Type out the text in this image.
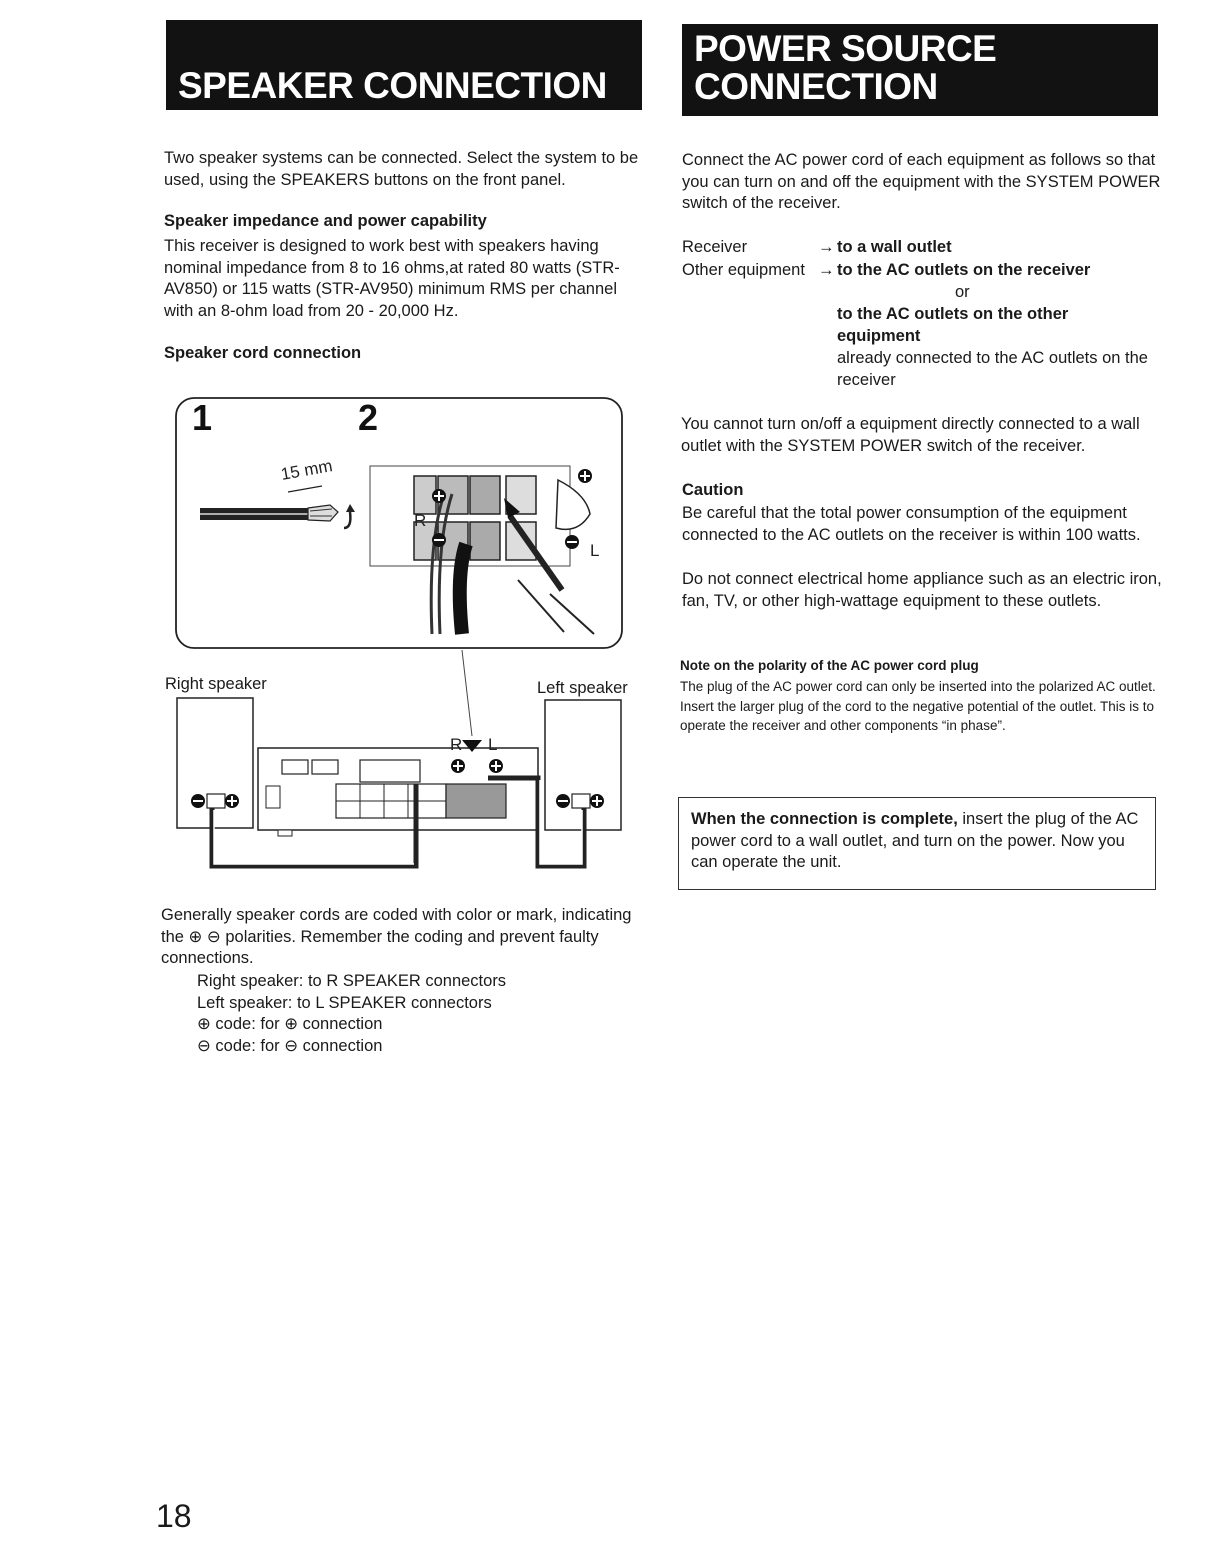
SPEAKER CONNECTION
Two speaker systems can be connected. Select the system to be used, using the SPEAKERS buttons on the front panel.
Speaker impedance and power capability
This receiver is designed to work best with speakers having nominal impedance from 8 to 16 ohms,at rated 80 watts (STR-AV850) or 115 watts (STR-AV950) minimum RMS per channel with an 8-ohm load from 20 - 20,000 Hz.
Speaker cord connection
1	2
15 mm
R
L
Right speaker	Left speaker
R L
Generally speaker cords are coded with color or mark, indicating the ⊕ ⊖ polarities. Remember the coding and prevent faulty connections.
Right speaker: to R SPEAKER connectors
Left speaker: to L SPEAKER connectors
⊕ code: for ⊕ connection
⊖ code: for ⊖ connection
POWER SOURCE
CONNECTION
Connect the AC power cord of each equipment as follows so that you can turn on and off the equipment with the SYSTEM POWER switch of the receiver.
Receiver	→ to a wall outlet
Other equipment → to the AC outlets on the receiver
or
to the AC outlets on the other
equipment
already connected to the AC outlets on the receiver
You cannot turn on/off a equipment directly connected to a wall outlet with the SYSTEM POWER switch of the receiver.
Caution
Be careful that the total power consumption of the equipment connected to the AC outlets on the receiver is within 100 watts.
Do not connect electrical home appliance such as an electric iron, fan, TV, or other high-wattage equipment to these outlets.
Note on the polarity of the AC power cord plug
The plug of the AC power cord can only be inserted into the polarized AC outlet. Insert the larger plug of the cord to the negative potential of the outlet. This is to operate the receiver and other components “in phase”.
When the connection is complete, insert the plug of the AC power cord to a wall outlet, and turn on the power. Now you can operate the unit.
18
